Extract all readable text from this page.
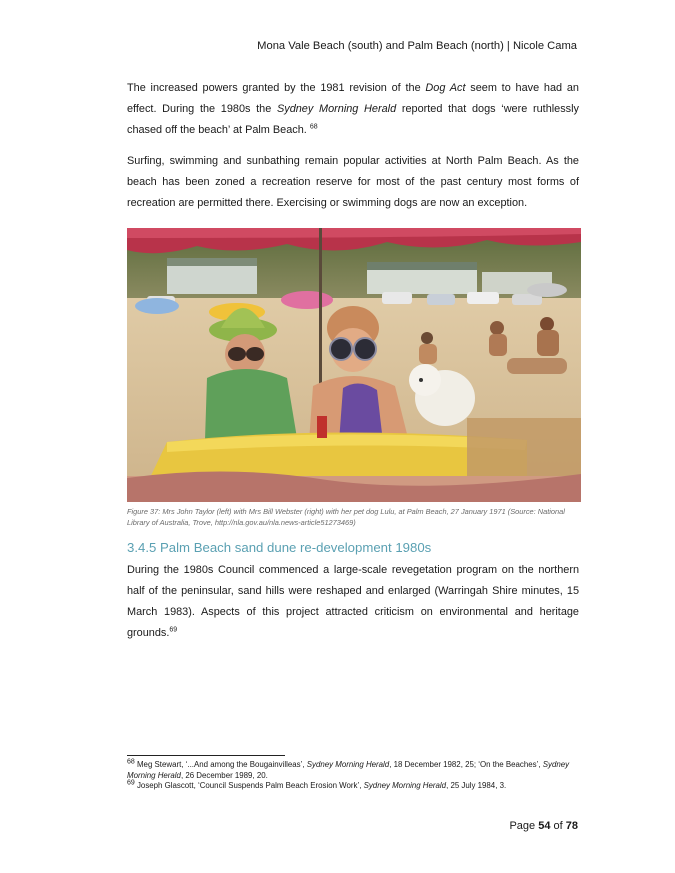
Mona Vale Beach (south) and Palm Beach (north) | Nicole Cama

The increased powers granted by the 1981 revision of the Dog Act seem to have had an effect. During the 1980s the Sydney Morning Herald reported that dogs ‘were ruthlessly chased off the beach’ at Palm Beach. $^{68}$

Surfing, swimming and sunbathing remain popular activities at North Palm Beach. As the beach has been zoned a recreation reserve for most of the past century most forms of recreation are permitted there. Exercising or swimming dogs are now an exception.

Figure 37: Mrs John Taylor (left) with Mrs Bill Webster (right) with her pet dog Lulu, at Palm Beach, 27 January 1971 (Source: National Library of Australia, Trove, http://nla.gov.au/nla.news-article51273469)

3.4.5 Palm Beach sand dune re-development 1980s

During the 1980s Council commenced a large-scale revegetation program on the northern half of the peninsular, sand hills were reshaped and enlarged (Warringah Shire minutes, 15 March 1983). Aspects of this project attracted criticism on environmental and heritage grounds.$^{69}$

$^{68}$ Meg Stewart, ‘...And among the Bougainvilleas’, Sydney Morning Herald, 18 December 1982, 25; ‘On the Beaches’, Sydney Morning Herald, 26 December 1989, 20.

$^{69}$ Joseph Glascott, ‘Council Suspends Palm Beach Erosion Work’, Sydney Morning Herald, 25 July 1984, 3.

Page 54 of 78
